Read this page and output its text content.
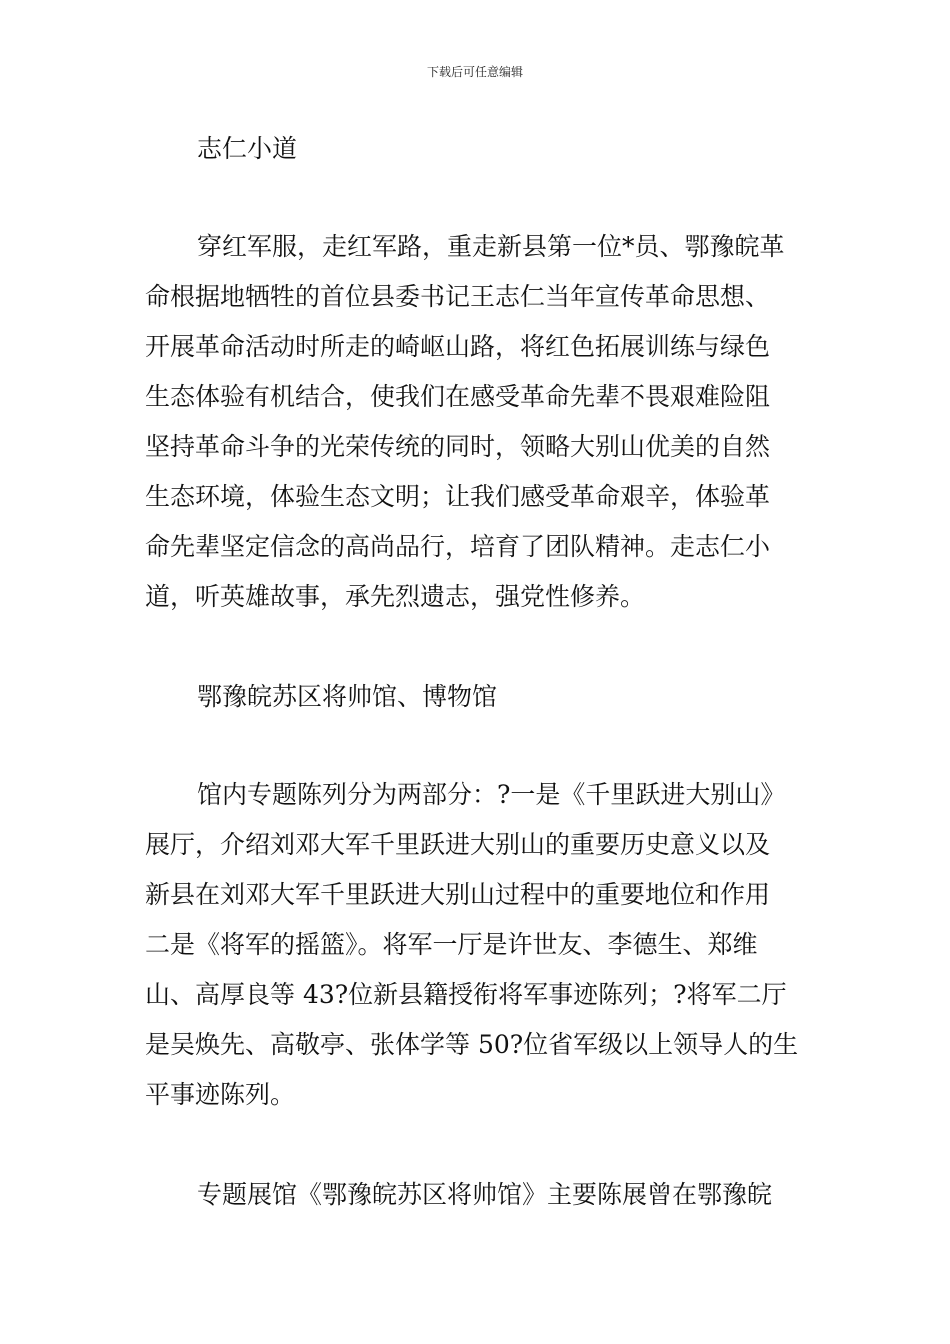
下载后可任意编辑
志仁小道
穿红军服，走红军路，重走新县第一位*员、鄂豫皖革
命根据地牺牲的首位县委书记王志仁当年宣传革命思想、
开展革命活动时所走的崎岖山路，将红色拓展训练与绿色
生态体验有机结合，使我们在感受革命先辈不畏艰难险阻
坚持革命斗争的光荣传统的同时，领略大别山优美的自然
生态环境，体验生态文明；让我们感受革命艰辛，体验革
命先辈坚定信念的高尚品行，培育了团队精神。走志仁小
道，听英雄故事，承先烈遗志，强党性修养。
鄂豫皖苏区将帅馆、博物馆
馆内专题陈列分为两部分：?一是《千里跃进大别山》
展厅，介绍刘邓大军千里跃进大别山的重要历史意义以及
新县在刘邓大军千里跃进大别山过程中的重要地位和作用
二是《将军的摇篮》。将军一厅是许世友、李德生、郑维
山、高厚良等 43?位新县籍授衔将军事迹陈列；?将军二厅
是吴焕先、高敬亭、张体学等 50?位省军级以上领导人的生
平事迹陈列。
专题展馆《鄂豫皖苏区将帅馆》主要陈展曾在鄂豫皖
